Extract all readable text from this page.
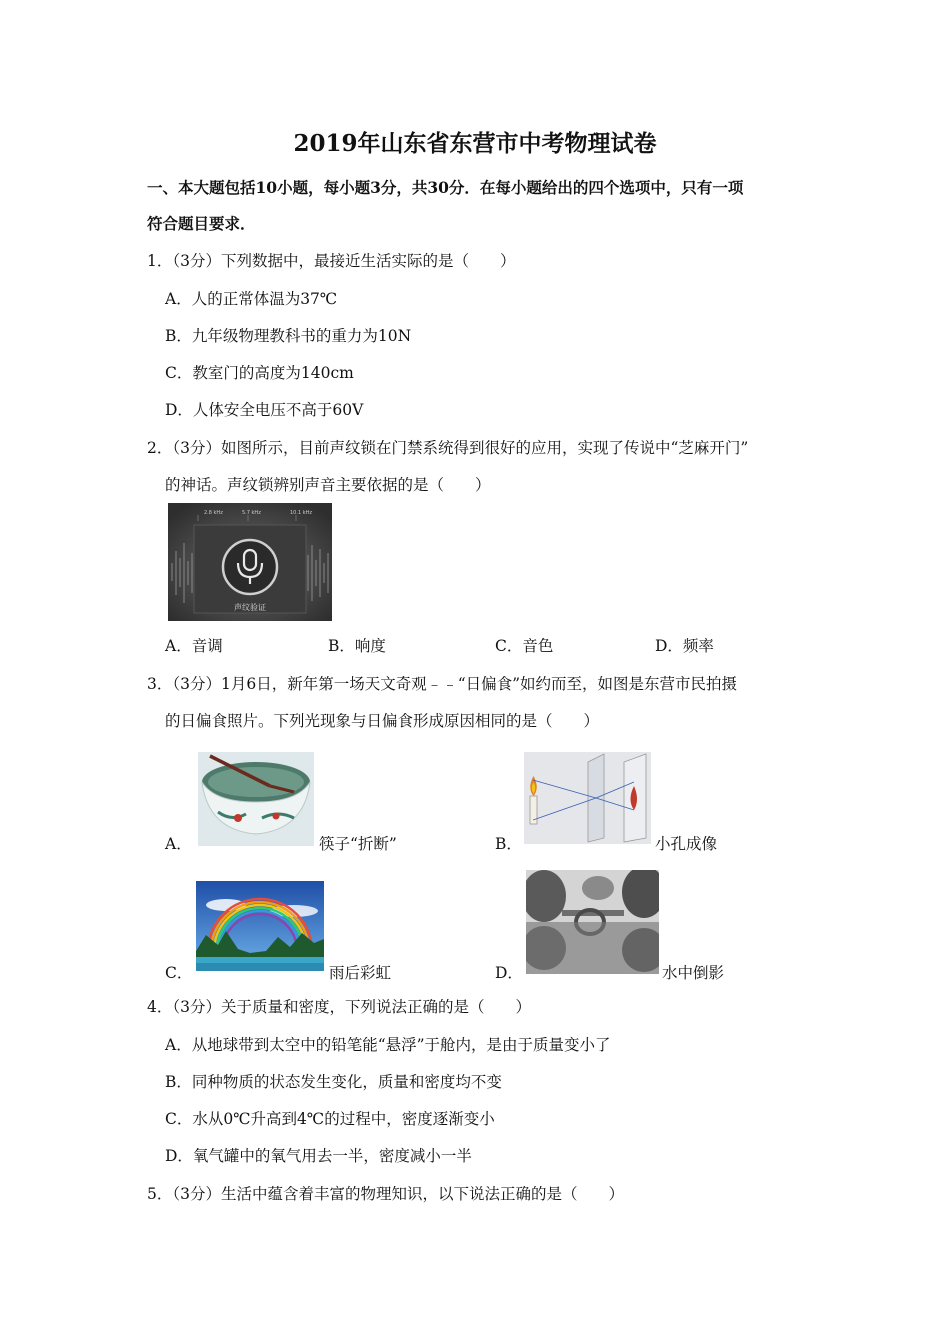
2019年山东省东营市中考物理试卷
一、本大题包括10小题，每小题3分，共30分．在每小题给出的四个选项中，只有一项
符合题目要求．
1．（3分）下列数据中，最接近生活实际的是（　　）
A．人的正常体温为37℃
B．九年级物理教科书的重力为10N
C．教室门的高度为140cm
D．人体安全电压不高于60V
2．（3分）如图所示，目前声纹锁在门禁系统得到很好的应用，实现了传说中“芝麻开门”
的神话。声纹锁辨别声音主要依据的是（　　）
2.8 kHz	5.7 kHz	10.1 kHz
声纹验证
A．音调	B．响度	C．音色	D．频率
3．（3分）1月6日，新年第一场天文奇观﹣﹣“日偏食”如约而至，如图是东营市民拍摄
的日偏食照片。下列光现象与日偏食形成原因相同的是（　　）
A．	筷子“折断”	B．	小孔成像
C．	雨后彩虹	D．	水中倒影
4．（3分）关于质量和密度，下列说法正确的是（　　）
A．从地球带到太空中的铅笔能“悬浮”于舱内，是由于质量变小了
B．同种物质的状态发生变化，质量和密度均不变
C．水从0℃升高到4℃的过程中，密度逐渐变小
D．氧气罐中的氧气用去一半，密度减小一半
5．（3分）生活中蕴含着丰富的物理知识，以下说法正确的是（　　）
